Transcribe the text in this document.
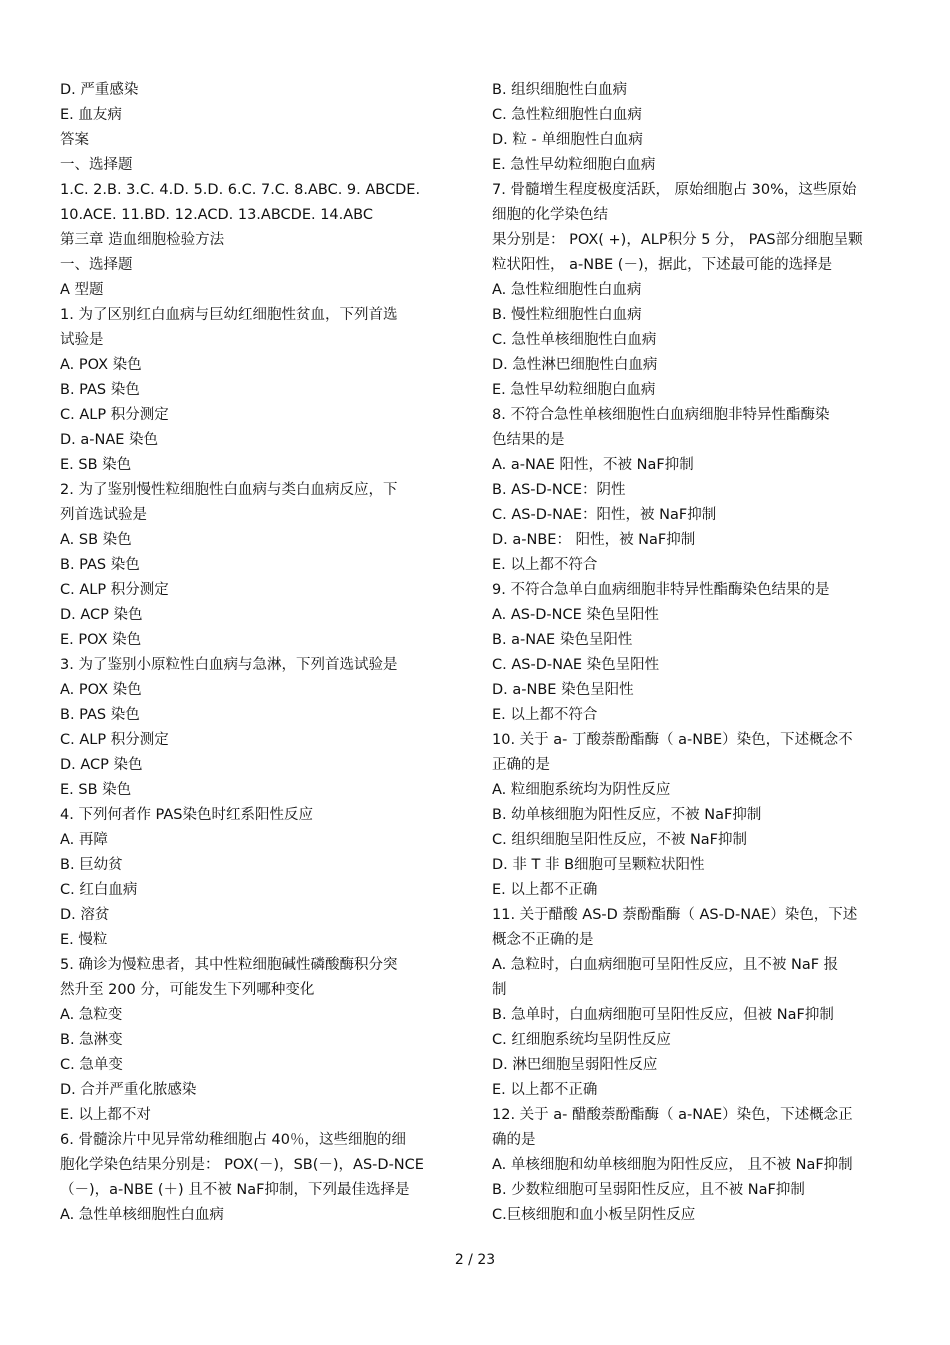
D. 严重感染
E. 血友病
答案
一、选择题
1.C. 2.B. 3.C. 4.D. 5.D. 6.C. 7.C. 8.ABC. 9. ABCDE.
10.ACE. 11.BD. 12.ACD. 13.ABCDE. 14.ABC
第三章 造血细胞检验方法
一、选择题
A 型题
1. 为了区别红白血病与巨幼红细胞性贫血，下列首选
试验是
A. POX 染色
B. PAS 染色
C. ALP 积分测定
D. a-NAE 染色
E. SB 染色
2. 为了鉴别慢性粒细胞性白血病与类白血病反应，下
列首选试验是
A. SB 染色
B. PAS 染色
C. ALP 积分测定
D. ACP 染色
E. POX 染色
3. 为了鉴别小原粒性白血病与急淋，下列首选试验是
A. POX 染色
B. PAS 染色
C. ALP 积分测定
D. ACP 染色
E. SB 染色
4. 下列何者作 PAS染色时红系阳性反应
A. 再障
B. 巨幼贫
C. 红白血病
D. 溶贫
E. 慢粒
5. 确诊为慢粒患者，其中性粒细胞碱性磷酸酶积分突
然升至 200 分，可能发生下列哪种变化
A. 急粒变
B. 急淋变
C. 急单变
D. 合并严重化脓感染
E. 以上都不对
6. 骨髓涂片中见异常幼稚细胞占 40％，这些细胞的细
胞化学染色结果分别是： POX(－)，SB(－)，AS-D-NCE
（－)，a-NBE (＋) 且不被 NaF抑制，下列最佳选择是
A. 急性单核细胞性白血病
B. 组织细胞性白血病
C. 急性粒细胞性白血病
D. 粒 - 单细胞性白血病
E. 急性早幼粒细胞白血病
7. 骨髓增生程度极度活跃， 原始细胞占 30%，这些原始
细胞的化学染色结
果分别是： POX( +)，ALP积分 5 分， PAS部分细胞呈颗
粒状阳性， a-NBE (－)，据此，下述最可能的选择是
A. 急性粒细胞性白血病
B. 慢性粒细胞性白血病
C. 急性单核细胞性白血病
D. 急性淋巴细胞性白血病
E. 急性早幼粒细胞白血病
8. 不符合急性单核细胞性白血病细胞非特异性酯酶染
色结果的是
A. a-NAE 阳性，不被 NaF抑制
B. AS-D-NCE：阴性
C. AS-D-NAE：阳性，被 NaF抑制
D. a-NBE： 阳性，被 NaF抑制
E. 以上都不符合
9. 不符合急单白血病细胞非特异性酯酶染色结果的是
A. AS-D-NCE 染色呈阳性
B. a-NAE 染色呈阳性
C. AS-D-NAE 染色呈阳性
D. a-NBE 染色呈阳性
E. 以上都不符合
10. 关于 a- 丁酸萘酚酯酶（ a-NBE）染色，下述概念不
正确的是
A. 粒细胞系统均为阴性反应
B. 幼单核细胞为阳性反应，不被 NaF抑制
C. 组织细胞呈阳性反应，不被 NaF抑制
D. 非 T 非 B细胞可呈颗粒状阳性
E. 以上都不正确
11. 关于醋酸 AS-D 萘酚酯酶（ AS-D-NAE）染色，下述
概念不正确的是
A. 急粒时，白血病细胞可呈阳性反应，且不被 NaF 报
制
B. 急单时，白血病细胞可呈阳性反应，但被 NaF抑制
C. 红细胞系统均呈阴性反应
D. 淋巴细胞呈弱阳性反应
E. 以上都不正确
12. 关于 a- 醋酸萘酚酯酶（ a-NAE）染色，下述概念正
确的是
A. 单核细胞和幼单核细胞为阳性反应， 且不被 NaF抑制
B. 少数粒细胞可呈弱阳性反应，且不被 NaF抑制
C.巨核细胞和血小板呈阴性反应
2 / 23
